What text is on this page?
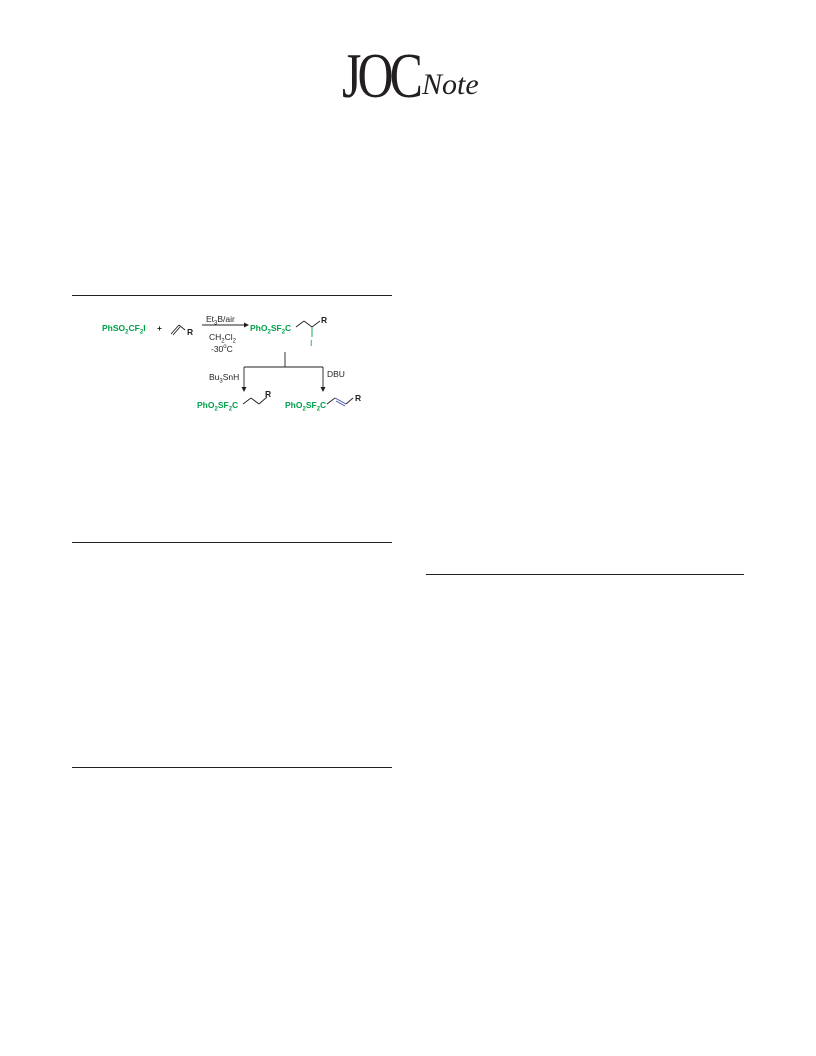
JOC Note
$PhSO_2CF_2I$ +	R
$Et_3B$/air
$CH_2Cl_2$
-30$^o$C
$PhO_2SF_2C$
R
I
$Bu_3SnH$	DBU
$PhO_2SF_2C$
R
$PhO_2SF_2C$
R
